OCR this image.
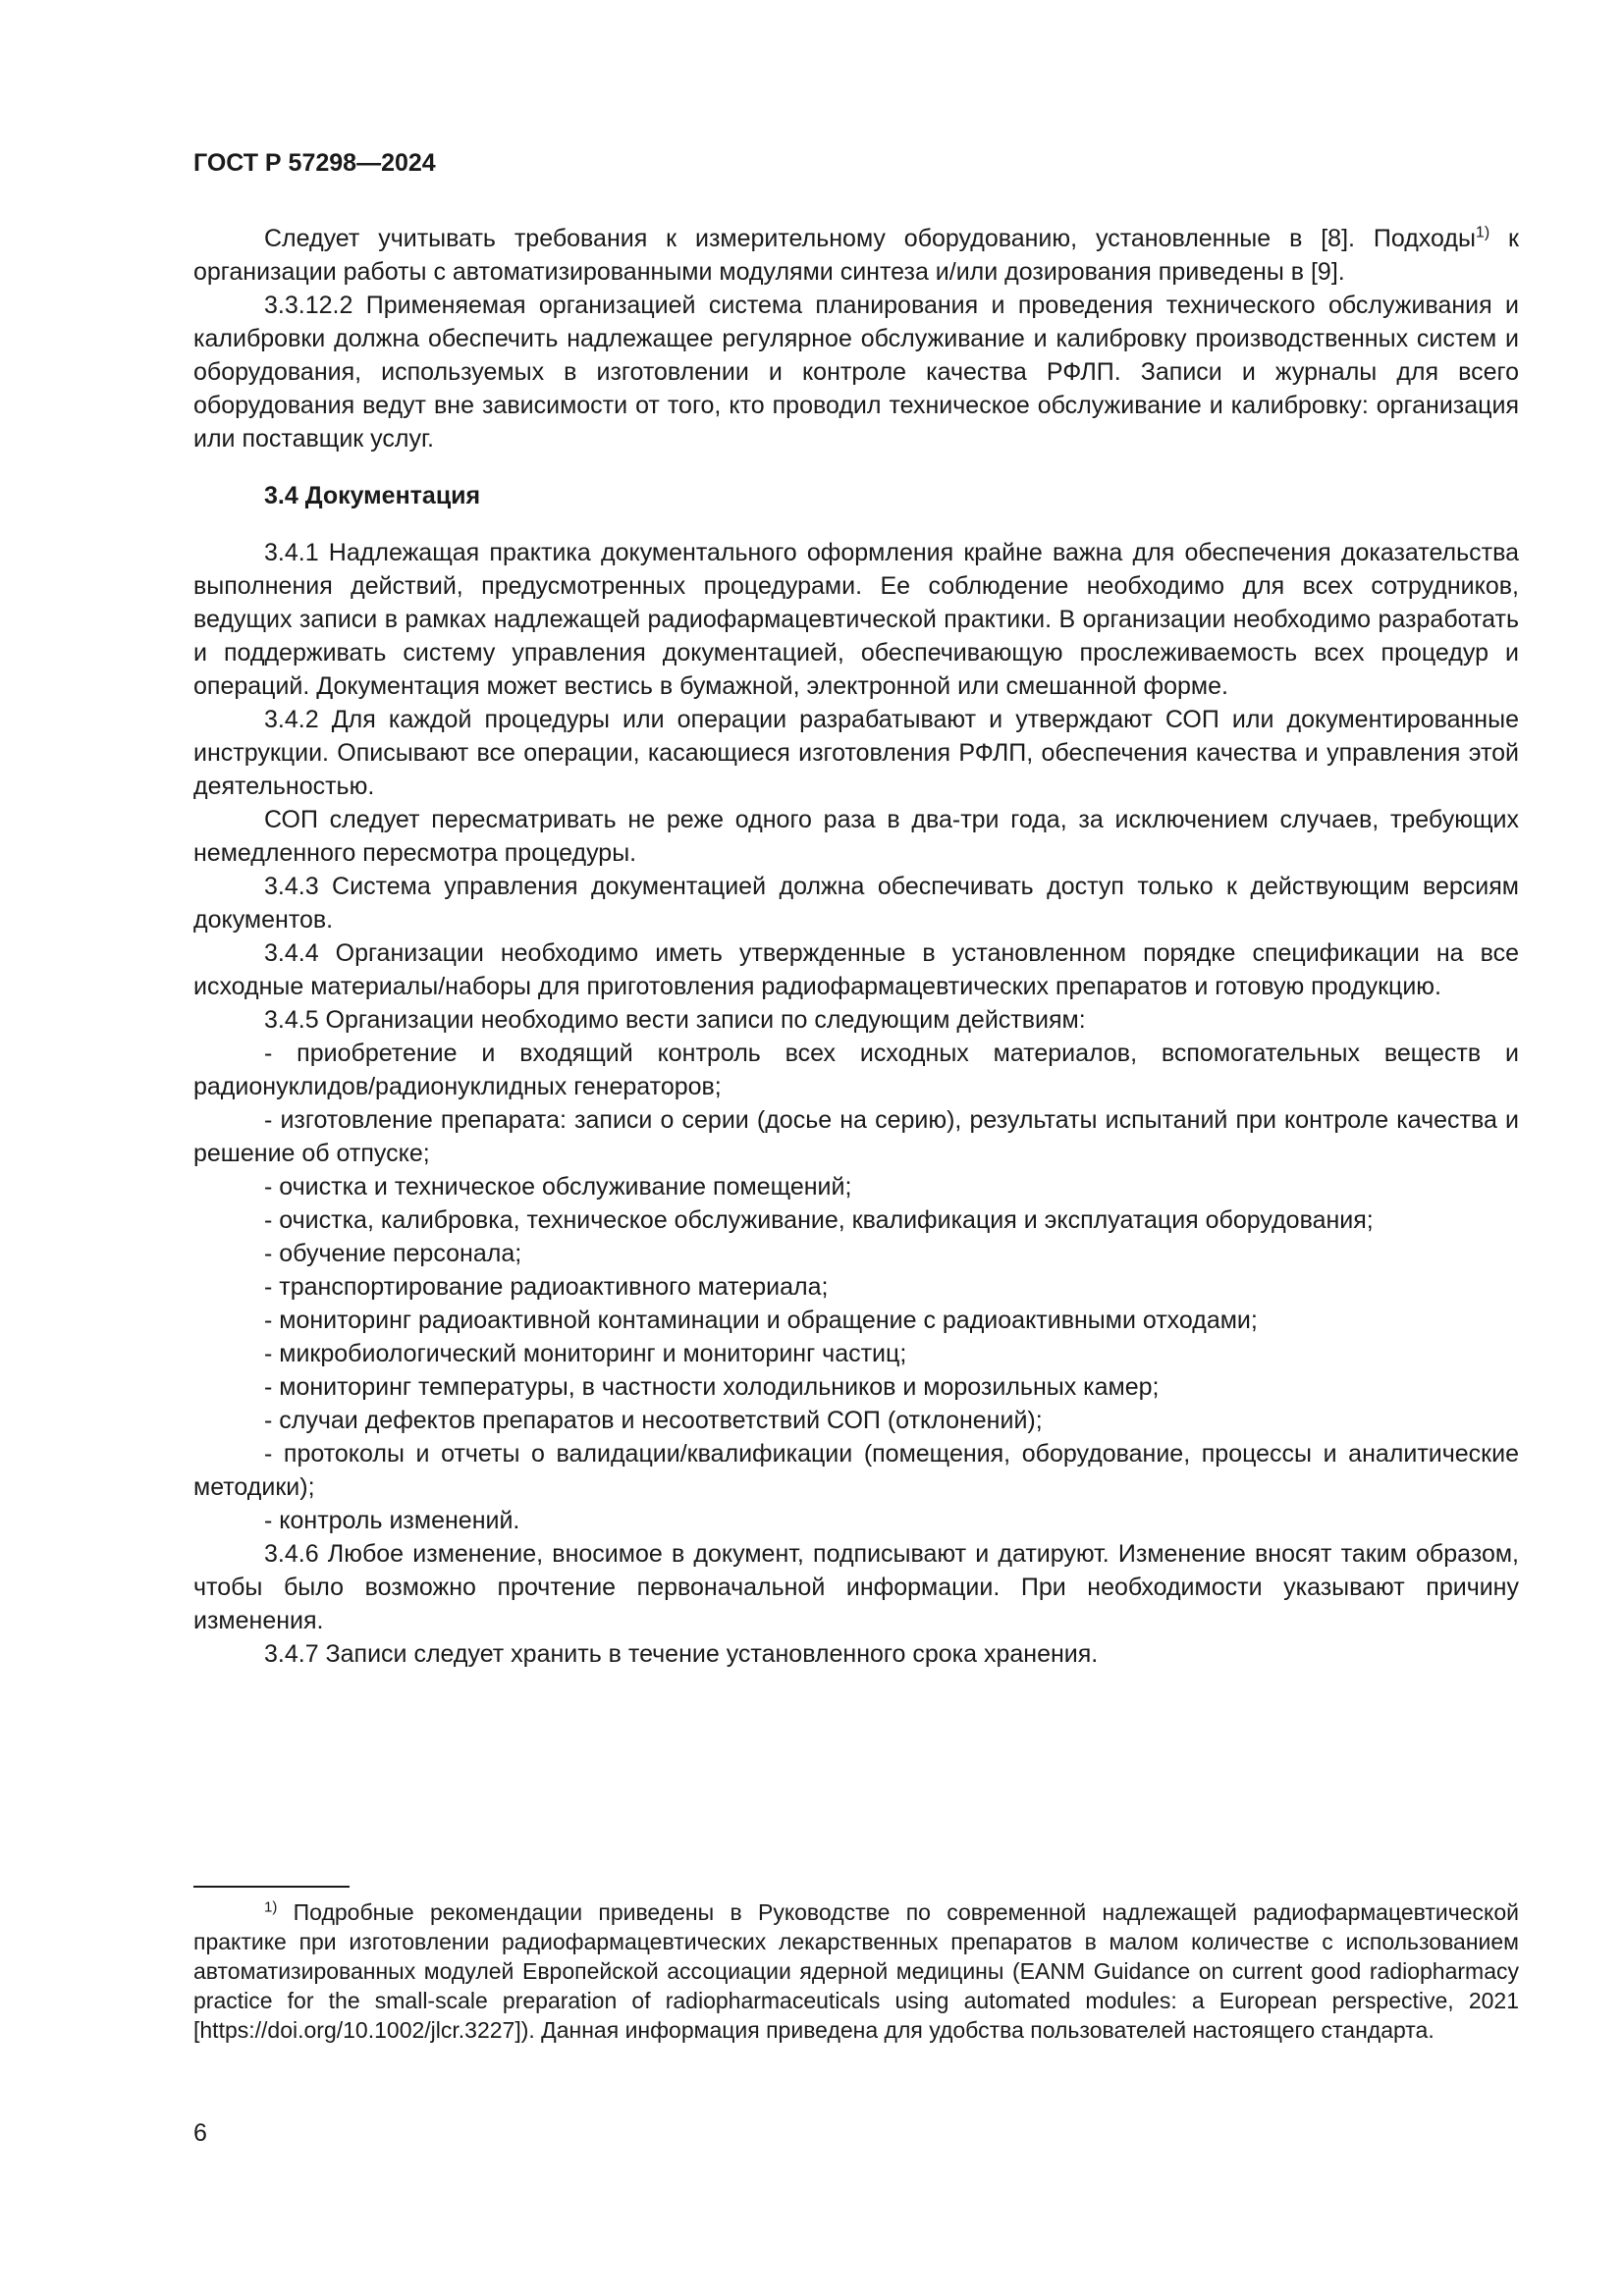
ГОСТ Р 57298—2024

Следует учитывать требования к измерительному оборудованию, установленные в [8]. Подходы$^{1)}$ к организации работы с автоматизированными модулями синтеза и/или дозирования приведены в [9].

3.3.12.2 Применяемая организацией система планирования и проведения технического обслуживания и калибровки должна обеспечить надлежащее регулярное обслуживание и калибровку производственных систем и оборудования, используемых в изготовлении и контроле качества РФЛП. Записи и журналы для всего оборудования ведут вне зависимости от того, кто проводил техническое обслуживание и калибровку: организация или поставщик услуг.

3.4 Документация

3.4.1 Надлежащая практика документального оформления крайне важна для обеспечения доказательства выполнения действий, предусмотренных процедурами. Ее соблюдение необходимо для всех сотрудников, ведущих записи в рамках надлежащей радиофармацевтической практики. В организации необходимо разработать и поддерживать систему управления документацией, обеспечивающую прослеживаемость всех процедур и операций. Документация может вестись в бумажной, электронной или смешанной форме.

3.4.2 Для каждой процедуры или операции разрабатывают и утверждают СОП или документированные инструкции. Описывают все операции, касающиеся изготовления РФЛП, обеспечения качества и управления этой деятельностью.

СОП следует пересматривать не реже одного раза в два-три года, за исключением случаев, требующих немедленного пересмотра процедуры.

3.4.3 Система управления документацией должна обеспечивать доступ только к действующим версиям документов.

3.4.4 Организации необходимо иметь утвержденные в установленном порядке спецификации на все исходные материалы/наборы для приготовления радиофармацевтических препаратов и готовую продукцию.

3.4.5 Организации необходимо вести записи по следующим действиям:

- приобретение и входящий контроль всех исходных материалов, вспомогательных веществ и радионуклидов/радионуклидных генераторов;

- изготовление препарата: записи о серии (досье на серию), результаты испытаний при контроле качества и решение об отпуске;

- очистка и техническое обслуживание помещений;

- очистка, калибровка, техническое обслуживание, квалификация и эксплуатация оборудования;

- обучение персонала;

- транспортирование радиоактивного материала;

- мониторинг радиоактивной контаминации и обращение с радиоактивными отходами;

- микробиологический мониторинг и мониторинг частиц;

- мониторинг температуры, в частности холодильников и морозильных камер;

- случаи дефектов препаратов и несоответствий СОП (отклонений);

- протоколы и отчеты о валидации/квалификации (помещения, оборудование, процессы и аналитические методики);

- контроль изменений.

3.4.6 Любое изменение, вносимое в документ, подписывают и датируют. Изменение вносят таким образом, чтобы было возможно прочтение первоначальной информации. При необходимости указывают причину изменения.

3.4.7 Записи следует хранить в течение установленного срока хранения.

$^{1)}$ Подробные рекомендации приведены в Руководстве по современной надлежащей радиофармацевтической практике при изготовлении радиофармацевтических лекарственных препаратов в малом количестве с использованием автоматизированных модулей Европейской ассоциации ядерной медицины (EANM Guidance on current good radiopharmacy practice for the small-scale preparation of radiopharmaceuticals using automated modules: a European perspective, 2021 [https://doi.org/10.1002/jlcr.3227]). Данная информация приведена для удобства пользователей настоящего стандарта.
6
